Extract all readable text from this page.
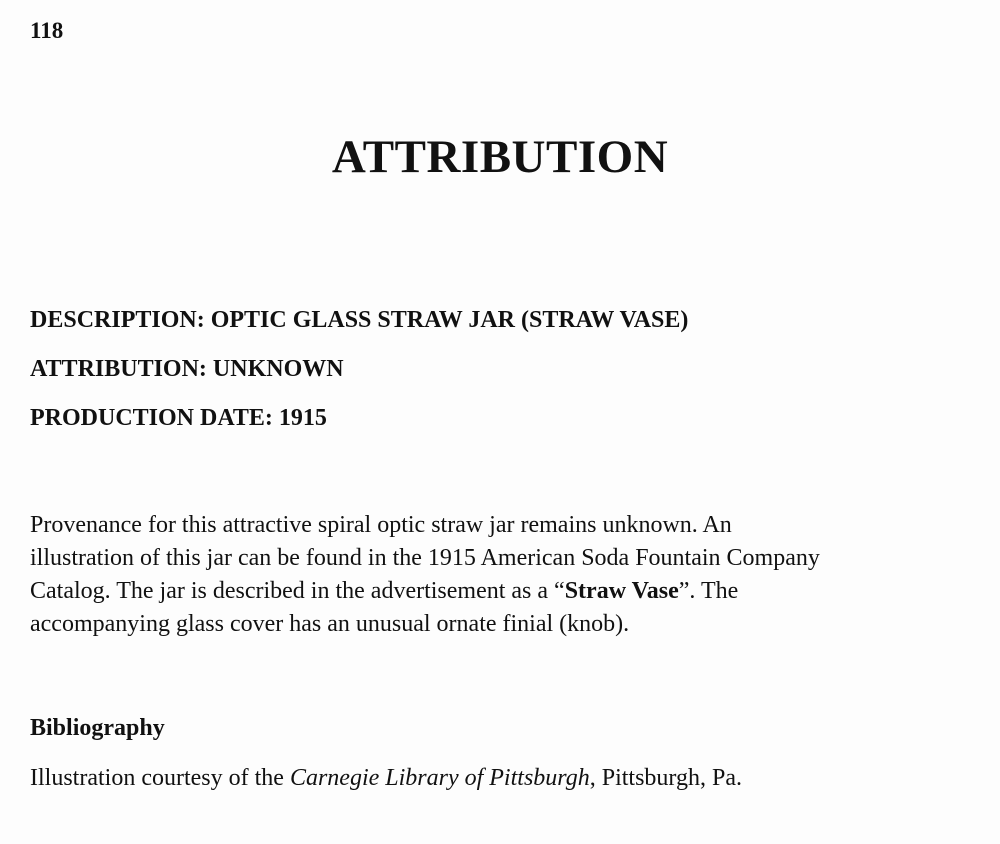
118
ATTRIBUTION
DESCRIPTION: OPTIC GLASS STRAW JAR (STRAW VASE)
ATTRIBUTION: UNKNOWN
PRODUCTION DATE: 1915
Provenance for this attractive spiral optic straw jar remains unknown. An
illustration of this jar can be found in the 1915 American Soda Fountain Company
Catalog. The jar is described in the advertisement as a “Straw Vase”. The
accompanying glass cover has an unusual ornate finial (knob).
Bibliography
Illustration courtesy of the Carnegie Library of Pittsburgh, Pittsburgh, Pa.
